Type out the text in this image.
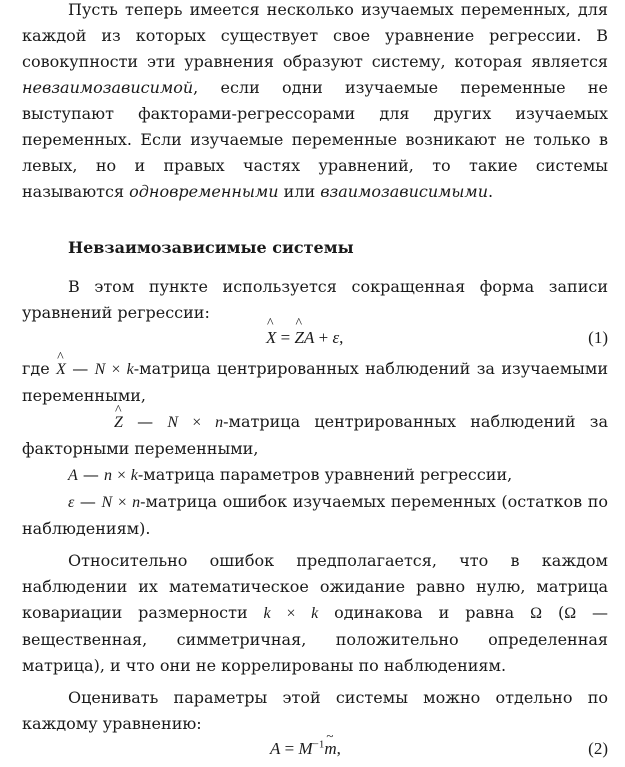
Пусть теперь имеется несколько изучаемых переменных, для каждой из которых существует свое уравнение регрессии. В совокупности эти уравнения образуют систему, которая является невзаимозависимой, если одни изучаемые переменные не выступают факторами-регрессорами для других изучаемых переменных. Если изучаемые переменные возникают не только в левых, но и правых частях уравнений, то такие системы называются одновременными или взаимозависимыми.

Невзаимозависимые системы

В этом пункте используется сокращенная форма записи уравнений регрессии:

^ X = ^ ZA + ε,	(1)

где ^ X — N × k-матрица центрированных наблюдений за изучаемыми переменными,

^ Z — N × n-матрица центрированных наблюдений за факторными переменными,

A — n × k-матрица параметров уравнений регрессии,

ε — N × n-матрица ошибок изучаемых переменных (остатков по наблюдениям).

Относительно ошибок предполагается, что в каждом наблюдении их математическое ожидание равно нулю, матрица ковариации размерности k × k одинакова и равна Ω (Ω — вещественная, симметричная, положительно определенная матрица), и что они не коррелированы по наблюдениям.

Оценивать параметры этой системы можно отдельно по каждому уравнению:

$A = M^{-1}\sim$ m,	(2)
